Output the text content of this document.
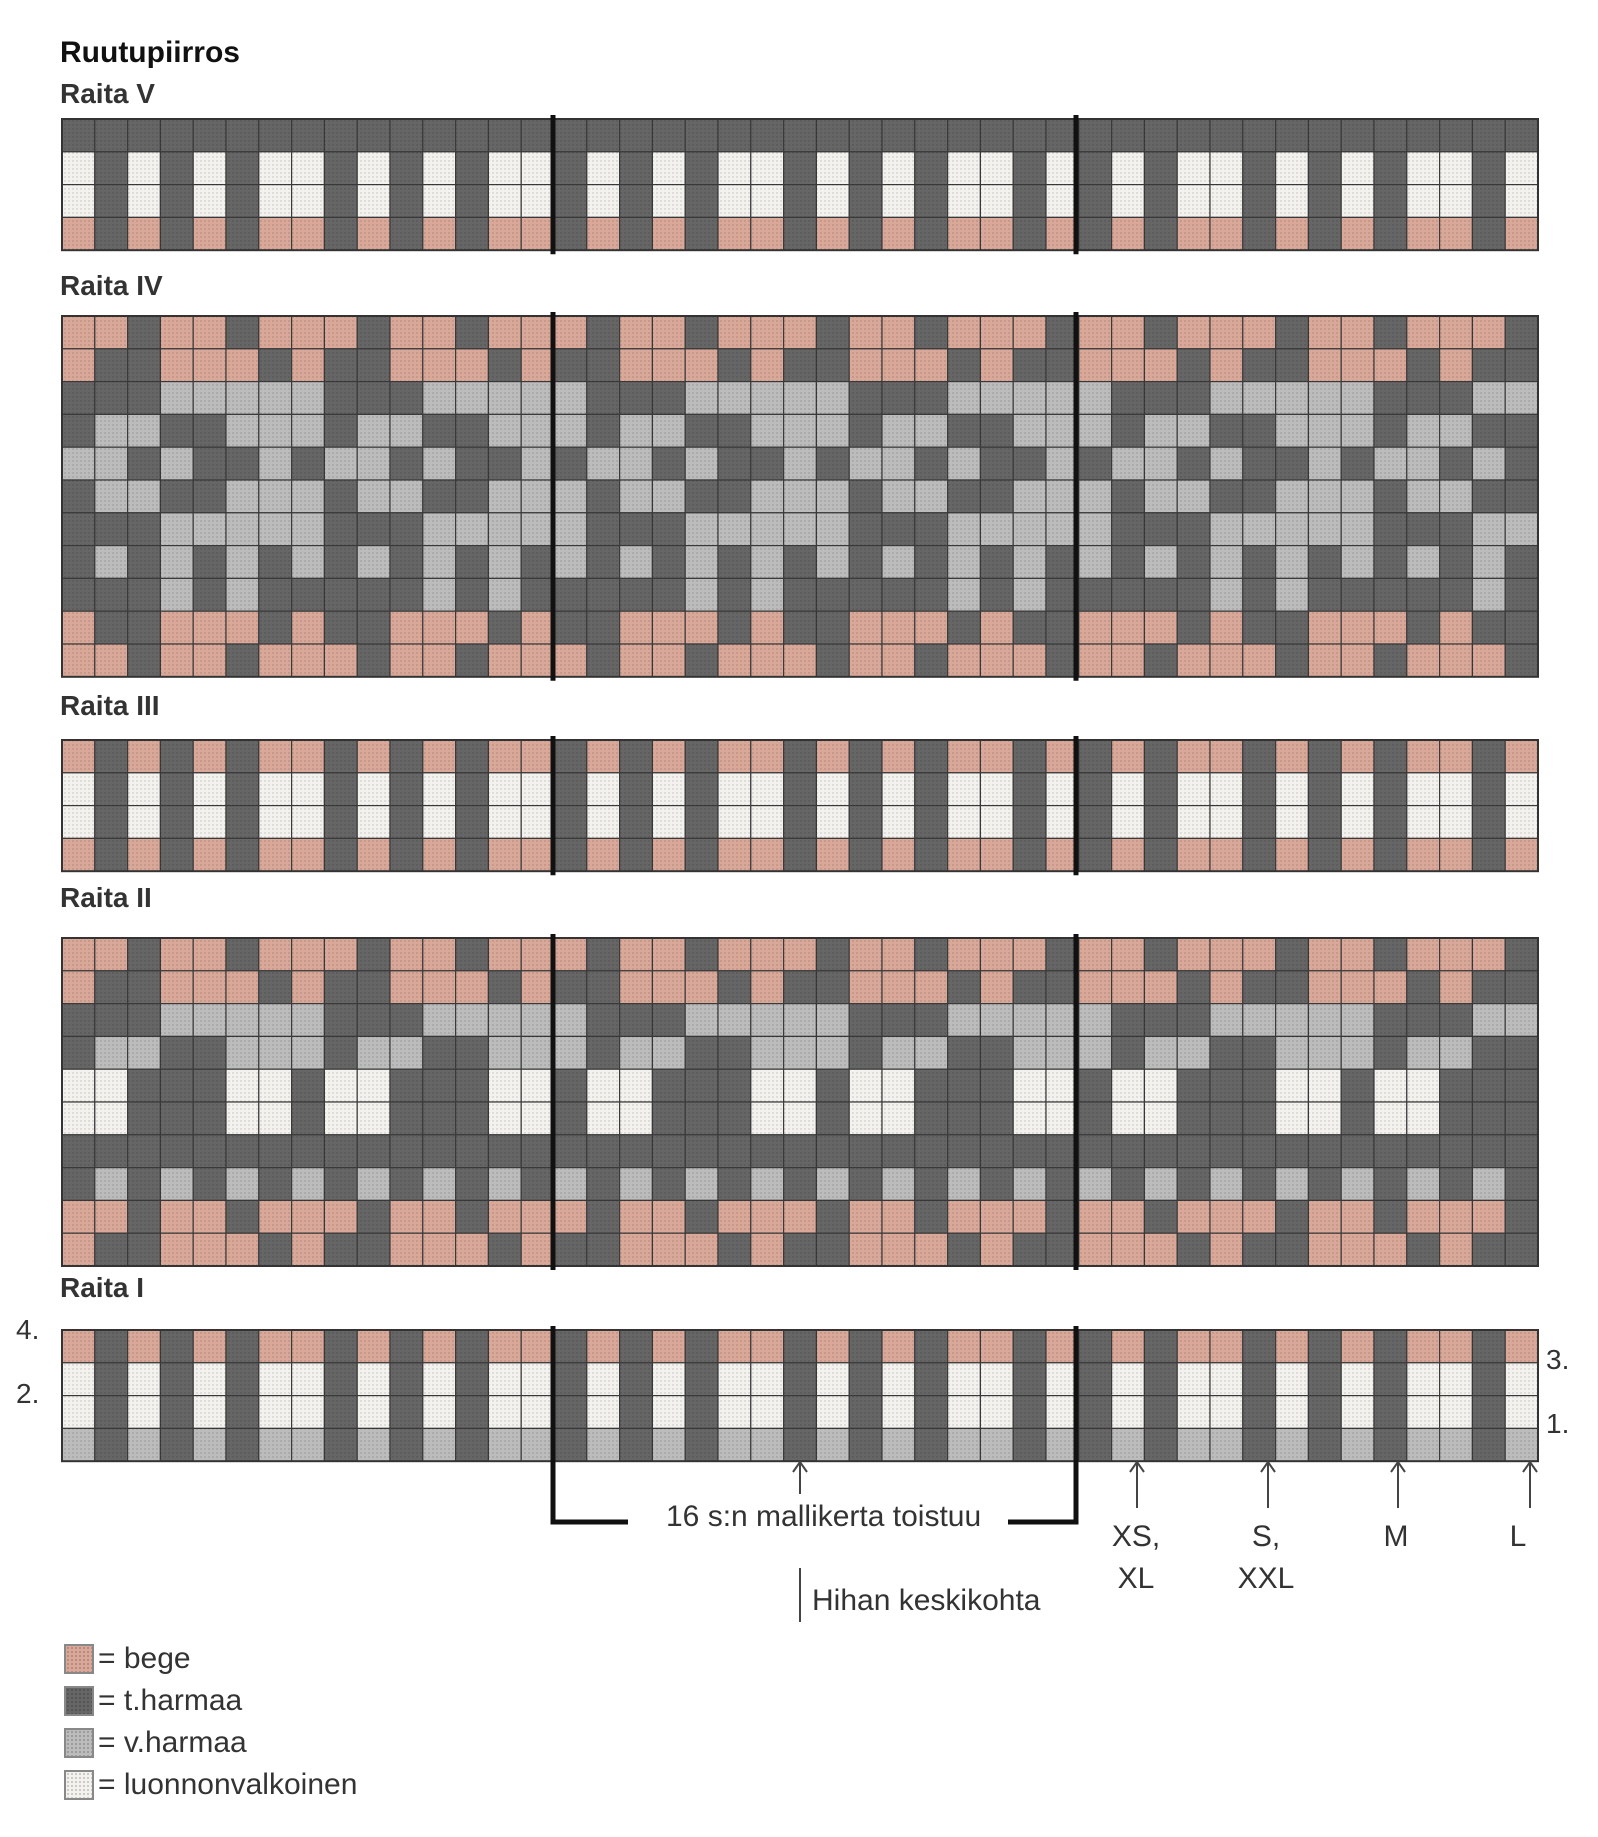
Ruutupiirros
Raita V
Raita IV
Raita III
Raita II
Raita I
4.
2.
3.
1.
16 s:n mallikerta toistuu
Hihan keskikohta
XS,
XL
S,
XXL
M	L
= bege
= t.harmaa
= v.harmaa
= luonnonvalkoinen
